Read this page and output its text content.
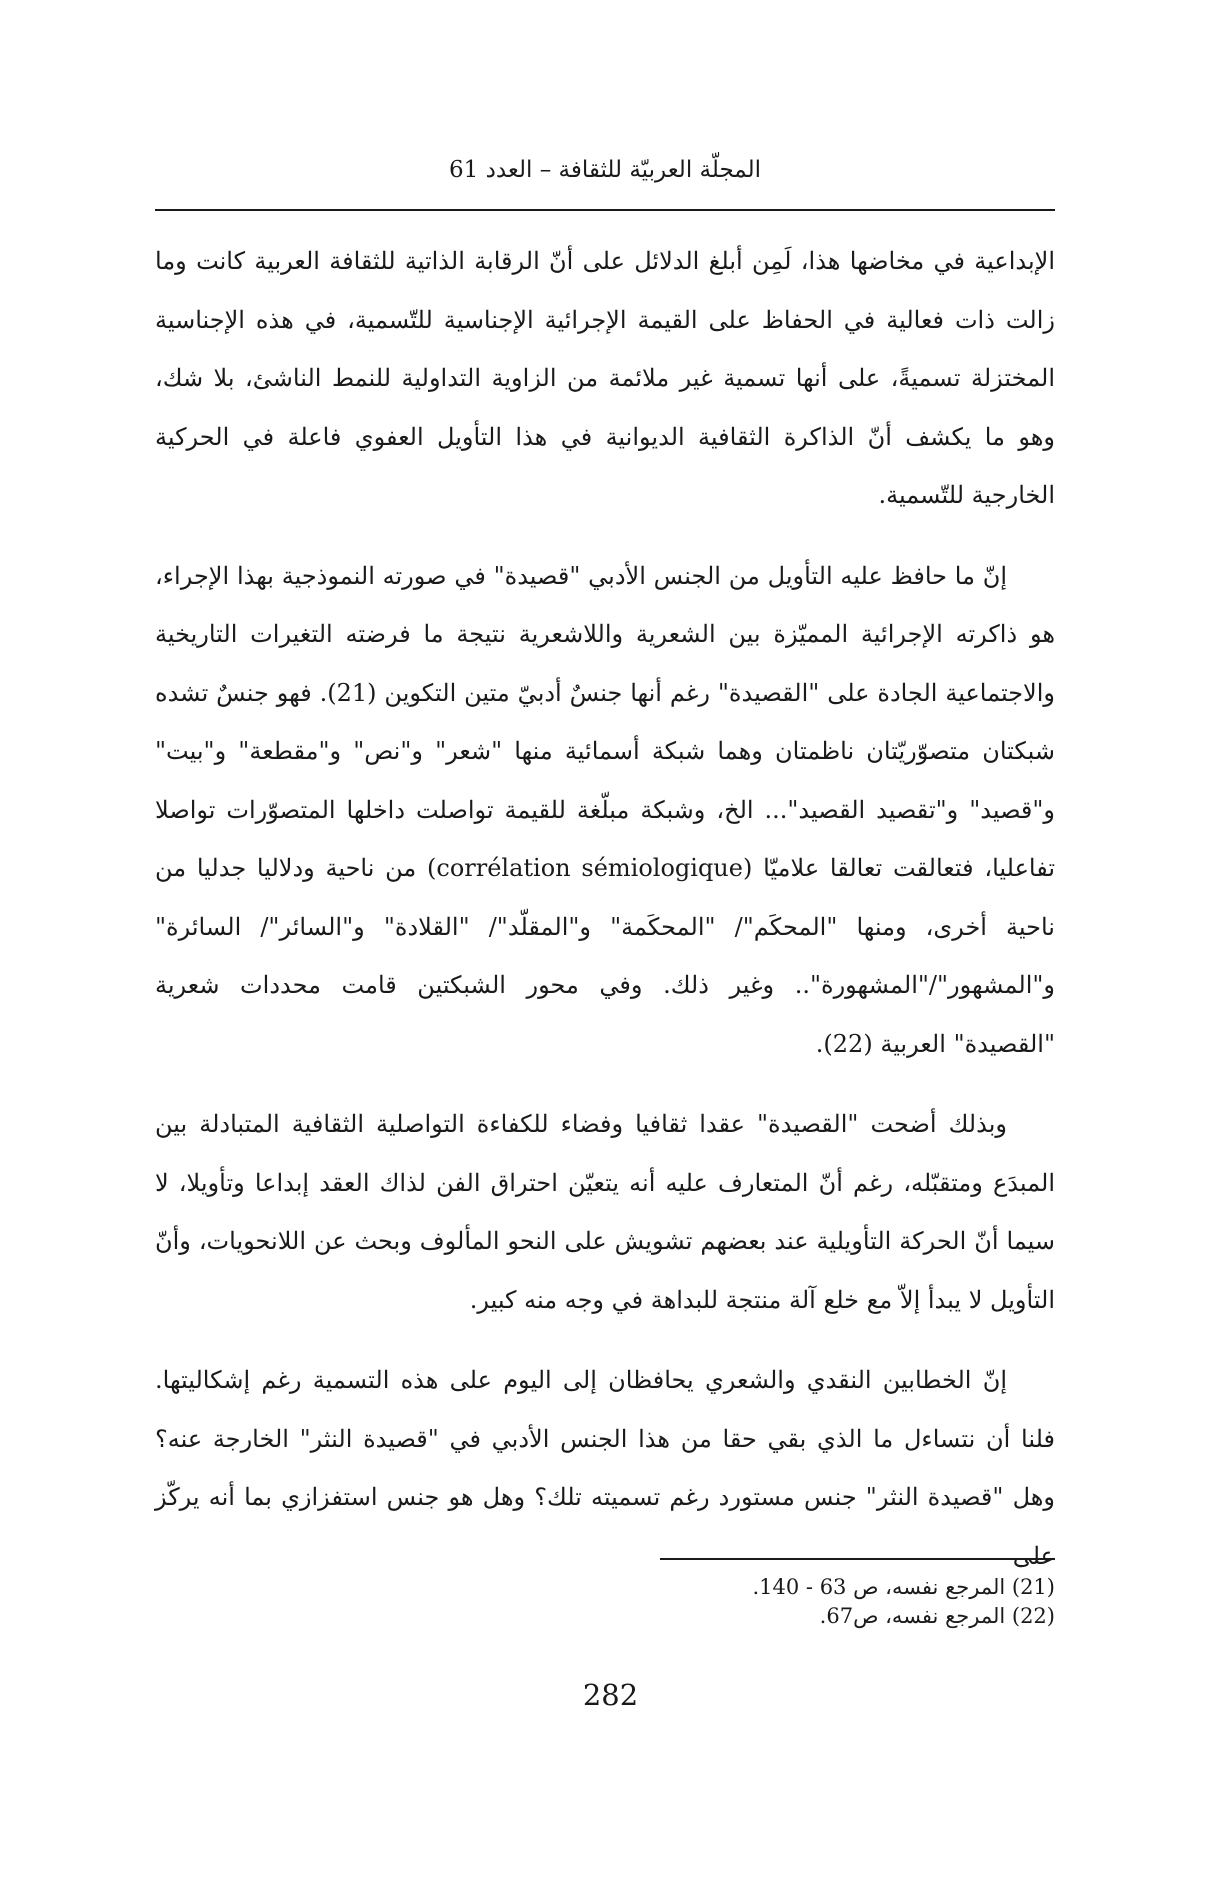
المجلّة العربيّة للثقافة – العدد 61

الإبداعية في مخاضها هذا، لَمِن أبلغ الدلائل على أنّ الرقابة الذاتية للثقافة العربية كانت وما زالت ذات فعالية في الحفاظ على القيمة الإجرائية الإجناسية للتّسمية، في هذه الإجناسية المختزلة تسميةً، على أنها تسمية غير ملائمة من الزاوية التداولية للنمط الناشئ، بلا شك، وهو ما يكشف أنّ الذاكرة الثقافية الديوانية في هذا التأويل العفوي فاعلة في الحركية الخارجية للتّسمية.

إنّ ما حافظ عليه التأويل من الجنس الأدبي "قصيدة" في صورته النموذجية بهذا الإجراء، هو ذاكرته الإجرائية المميّزة بين الشعرية واللاشعرية نتيجة ما فرضته التغيرات التاريخية والاجتماعية الجادة على "القصيدة" رغم أنها جنسٌ أدبيّ متين التكوين (21). فهو جنسٌ تشده شبكتان متصوّريّتان ناظمتان وهما شبكة أسمائية منها "شعر" و"نص" و"مقطعة" و"بيت" و"قصيد" و"تقصيد القصيد"... الخ، وشبكة مبلّغة للقيمة تواصلت داخلها المتصوّرات تواصلا تفاعليا، فتعالقت تعالقا علاميّا (corrélation sémiologique) من ناحية ودلاليا جدليا من ناحية أخرى، ومنها "المحكَم"/ "المحكَمة" و"المقلّد"/ "القلادة" و"السائر"/ السائرة" و"المشهور"/"المشهورة".. وغير ذلك. وفي محور الشبكتين قامت محددات شعرية "القصيدة" العربية (22).

وبذلك أضحت "القصيدة" عقدا ثقافيا وفضاء للكفاءة التواصلية الثقافية المتبادلة بين المبدَع ومتقبّله، رغم أنّ المتعارف عليه أنه يتعيّن احتراق الفن لذاك العقد إبداعا وتأويلا، لا سيما أنّ الحركة التأويلية عند بعضهم تشويش على النحو المألوف وبحث عن اللانحويات، وأنّ التأويل لا يبدأ إلاّ مع خلع آلة منتجة للبداهة في وجه منه كبير.

إنّ الخطابين النقدي والشعري يحافظان إلى اليوم على هذه التسمية رغم إشكاليتها. فلنا أن نتساءل ما الذي بقي حقا من هذا الجنس الأدبي في "قصيدة النثر" الخارجة عنه؟ وهل "قصيدة النثر" جنس مستورد رغم تسميته تلك؟ وهل هو جنس استفزازي بما أنه يركّز على

(21) المرجع نفسه، ص 63 - 140.
(22) المرجع نفسه، ص67.
282
